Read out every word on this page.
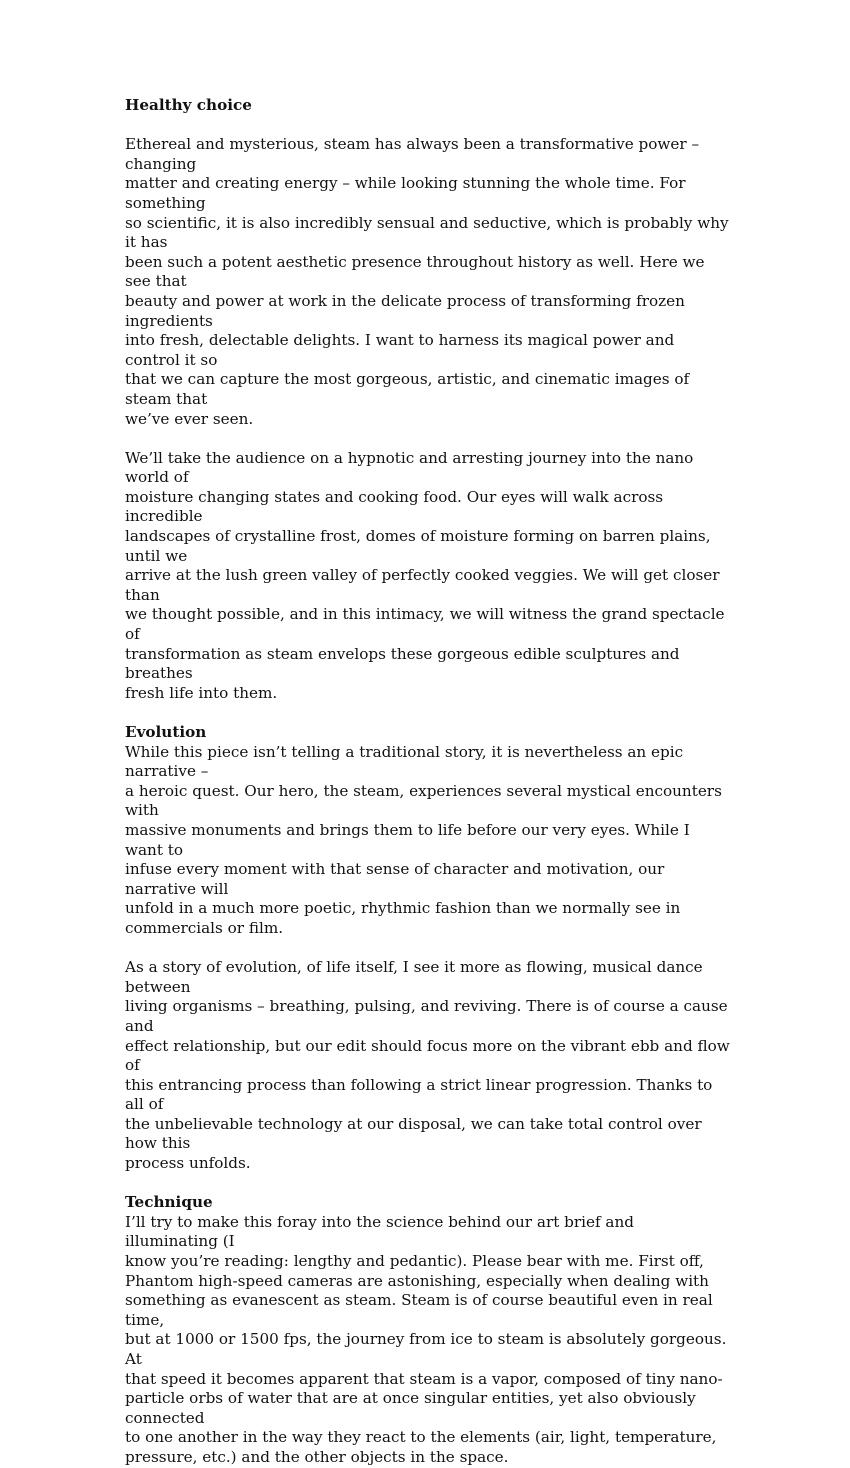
Healthy choice

Ethereal and mysterious, steam has always been a transformative power – changing
matter and creating energy – while looking stunning the whole time. For something
so scientific, it is also incredibly sensual and seductive, which is probably why it has
been such a potent aesthetic presence throughout history as well. Here we see that
beauty and power at work in the delicate process of transforming frozen ingredients
into fresh, delectable delights. I want to harness its magical power and control it so
that we can capture the most gorgeous, artistic, and cinematic images of steam that
we’ve ever seen.

We’ll take the audience on a hypnotic and arresting journey into the nano world of
moisture changing states and cooking food. Our eyes will walk across incredible
landscapes of crystalline frost, domes of moisture forming on barren plains, until we
arrive at the lush green valley of perfectly cooked veggies. We will get closer than
we thought possible, and in this intimacy, we will witness the grand spectacle of
transformation as steam envelops these gorgeous edible sculptures and breathes
fresh life into them.

Evolution

While this piece isn’t telling a traditional story, it is nevertheless an epic narrative –
a heroic quest. Our hero, the steam, experiences several mystical encounters with
massive monuments and brings them to life before our very eyes. While I want to
infuse every moment with that sense of character and motivation, our narrative will
unfold in a much more poetic, rhythmic fashion than we normally see in
commercials or film.

As a story of evolution, of life itself, I see it more as flowing, musical dance between
living organisms – breathing, pulsing, and reviving. There is of course a cause and
effect relationship, but our edit should focus more on the vibrant ebb and flow of
this entrancing process than following a strict linear progression. Thanks to all of
the unbelievable technology at our disposal, we can take total control over how this
process unfolds.

Technique

I’ll try to make this foray into the science behind our art brief and illuminating (I
know you’re reading: lengthy and pedantic). Please bear with me. First off,
Phantom high-speed cameras are astonishing, especially when dealing with
something as evanescent as steam. Steam is of course beautiful even in real time,
but at 1000 or 1500 fps, the journey from ice to steam is absolutely gorgeous. At
that speed it becomes apparent that steam is a vapor, composed of tiny nano-
particle orbs of water that are at once singular entities, yet also obviously connected
to one another in the way they react to the elements (air, light, temperature,
pressure, etc.) and the other objects in the space.
